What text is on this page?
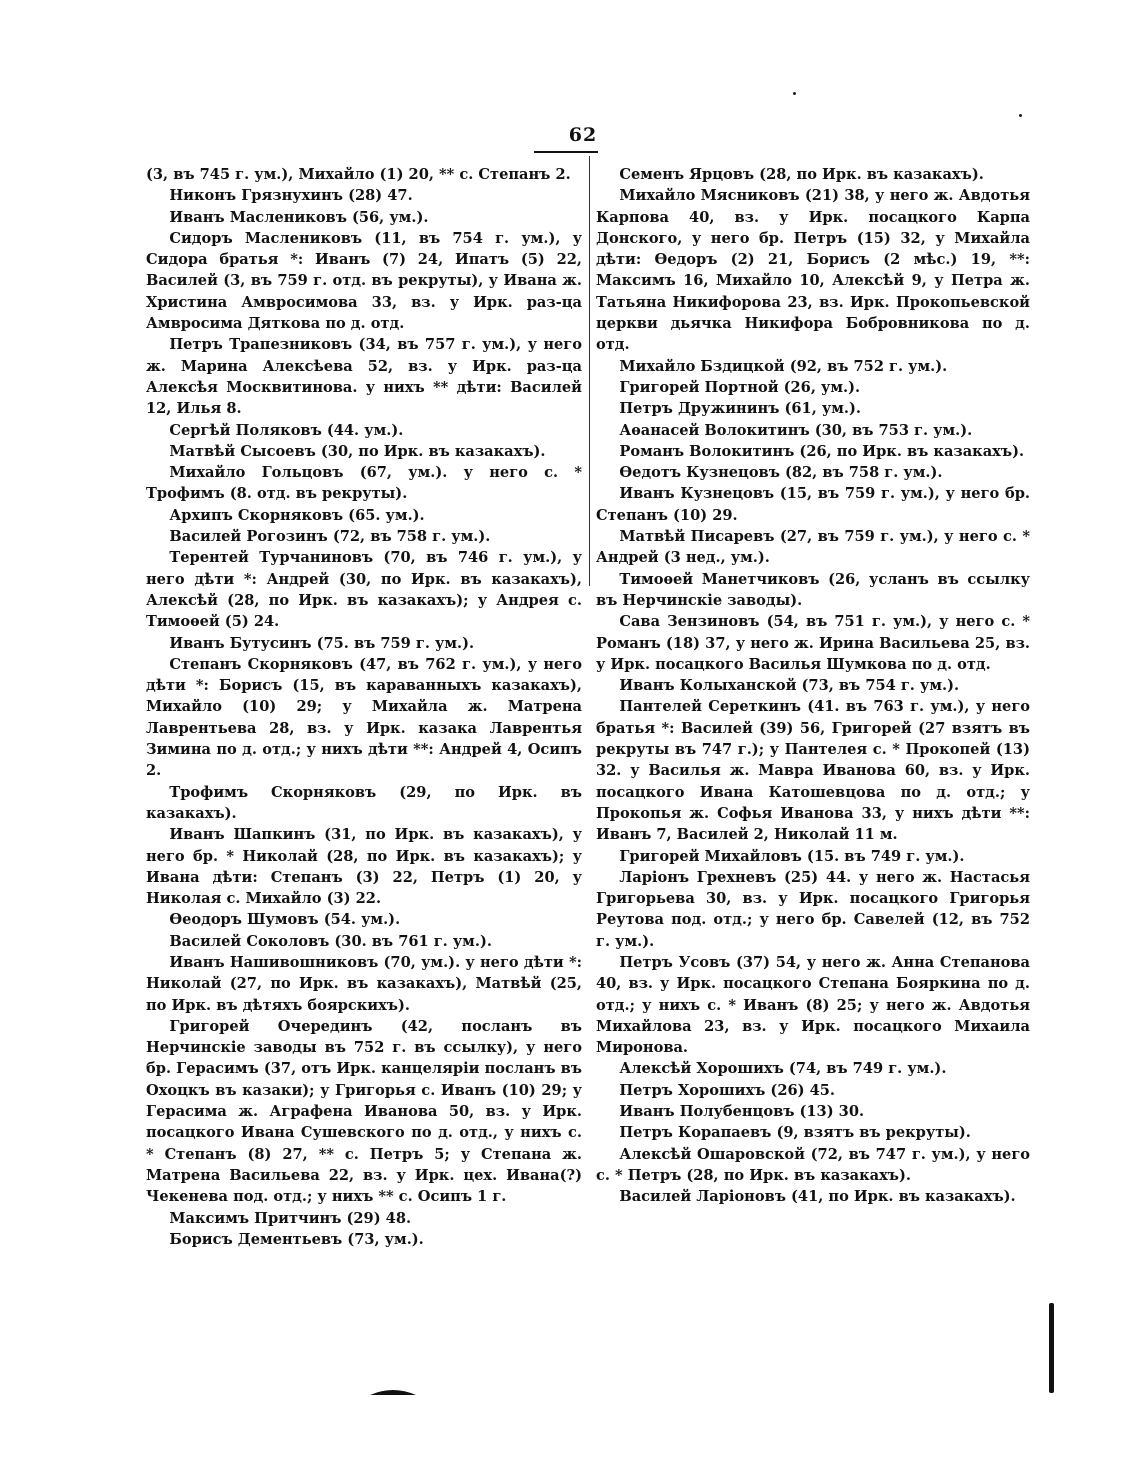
62

(3, въ 745 г. ум.), Михайло (1) 20, ** с. Степанъ 2.

Никонъ Грязнухинъ (28) 47.

Иванъ Маслениковъ (56, ум.).

Сидоръ Маслениковъ (11, въ 754 г. ум.), у Сидора братья *: Иванъ (7) 24, Ипатъ (5) 22, Василей (3, въ 759 г. отд. въ рекруты), у Ивана ж. Христина Амвросимова 33, вз. у Ирк. раз-ца Амвросима Дяткова по д. отд.

Петръ Трапезниковъ (34, въ 757 г. ум.), у него ж. Марина Алексѣева 52, вз. у Ирк. раз-ца Алексѣя Москвитинова. у нихъ ** дѣти: Василей 12, Илья 8.

Сергѣй Поляковъ (44. ум.).

Матвѣй Сысоевъ (30, по Ирк. въ казакахъ).

Михайло Гольцовъ (67, ум.). у него с. * Трофимъ (8. отд. въ рекруты).

Архипъ Скорняковъ (65. ум.).

Василей Рогозинъ (72, въ 758 г. ум.).

Терентей Турчаниновъ (70, въ 746 г. ум.), у него дѣти *: Андрей (30, по Ирк. въ казакахъ), Алексѣй (28, по Ирк. въ казакахъ); у Андрея с. Тимоѳей (5) 24.

Иванъ Бутусинъ (75. въ 759 г. ум.).

Степанъ Скорняковъ (47, въ 762 г. ум.), у него дѣти *: Борисъ (15, въ караванныхъ казакахъ), Михайло (10) 29; у Михайла ж. Матрена Лаврентьева 28, вз. у Ирк. казака Лаврентья Зимина по д. отд.; у нихъ дѣти **: Андрей 4, Осипъ 2.

Трофимъ Скорняковъ (29, по Ирк. въ казакахъ).

Иванъ Шапкинъ (31, по Ирк. въ казакахъ), у него бр. * Николай (28, по Ирк. въ казакахъ); у Ивана дѣти: Степанъ (3) 22, Петръ (1) 20, у Николая с. Михайло (3) 22.

Ѳеодоръ Шумовъ (54. ум.).

Василей Соколовъ (30. въ 761 г. ум.).

Иванъ Нашивошниковъ (70, ум.). у него дѣти *: Николай (27, по Ирк. въ казакахъ), Матвѣй (25, по Ирк. въ дѣтяхъ боярскихъ).

Григорей Очерединъ (42, посланъ въ Нерчинскіе заводы въ 752 г. въ ссылку), у него бр. Герасимъ (37, отъ Ирк. канцеляріи посланъ въ Охоцкъ въ казаки); у Григорья с. Иванъ (10) 29; у Герасима ж. Аграфена Иванова 50, вз. у Ирк. посацкого Ивана Сушевского по д. отд., у нихъ с. * Степанъ (8) 27, ** с. Петръ 5; у Степана ж. Матрена Васильева 22, вз. у Ирк. цех. Ивана(?) Чекенева под. отд.; у нихъ ** с. Осипъ 1 г.

Максимъ Притчинъ (29) 48.

Борисъ Дементьевъ (73, ум.).

Семенъ Ярцовъ (28, по Ирк. въ казакахъ).

Михайло Мясниковъ (21) 38, у него ж. Авдотья Карпова 40, вз. у Ирк. посацкого Карпа Донского, у него бр. Петръ (15) 32, у Михайла дѣти: Ѳедоръ (2) 21, Борисъ (2 мѣс.) 19, **: Максимъ 16, Михайло 10, Алексѣй 9, у Петра ж. Татьяна Никифорова 23, вз. Ирк. Прокопьевской церкви дьячка Никифора Бобровникова по д. отд.

Михайло Бздицкой (92, въ 752 г. ум.).

Григорей Портной (26, ум.).

Петръ Дружининъ (61, ум.).

Аѳанасей Волокитинъ (30, въ 753 г. ум.).

Романъ Волокитинъ (26, по Ирк. въ казакахъ).

Ѳедотъ Кузнецовъ (82, въ 758 г. ум.).

Иванъ Кузнецовъ (15, въ 759 г. ум.), у него бр. Степанъ (10) 29.

Матвѣй Писаревъ (27, въ 759 г. ум.), у него с. * Андрей (3 нед., ум.).

Тимоѳей Манетчиковъ (26, усланъ въ ссылку въ Нерчинскіе заводы).

Сава Зензиновъ (54, въ 751 г. ум.), у него с. * Романъ (18) 37, у него ж. Ирина Васильева 25, вз. у Ирк. посацкого Василья Шумкова по д. отд.

Иванъ Колыханской (73, въ 754 г. ум.).

Пантелей Сереткинъ (41. въ 763 г. ум.), у него братья *: Василей (39) 56, Григорей (27 взятъ въ рекруты въ 747 г.); у Пантелея с. * Прокопей (13) 32. у Василья ж. Мавра Иванова 60, вз. у Ирк. посацкого Ивана Катошевцова по д. отд.; у Прокопья ж. Софья Иванова 33, у нихъ дѣти **: Иванъ 7, Василей 2, Николай 11 м.

Григорей Михайловъ (15. въ 749 г. ум.).

Ларіонъ Грехневъ (25) 44. у него ж. Настасья Григорьева 30, вз. у Ирк. посацкого Григорья Реутова под. отд.; у него бр. Савелей (12, въ 752 г. ум.).

Петръ Усовъ (37) 54, у него ж. Анна Степанова 40, вз. у Ирк. посацкого Степана Бояркина по д. отд.; у нихъ с. * Иванъ (8) 25; у него ж. Авдотья Михайлова 23, вз. у Ирк. посацкого Михаила Миронова.

Алексѣй Хорошихъ (74, въ 749 г. ум.).

Петръ Хорошихъ (26) 45.

Иванъ Полубенцовъ (13) 30.

Петръ Корапаевъ (9, взятъ въ рекруты).

Алексѣй Ошаровской (72, въ 747 г. ум.), у него с. * Петръ (28, по Ирк. въ казакахъ).

Василей Ларіоновъ (41, по Ирк. въ казакахъ).
